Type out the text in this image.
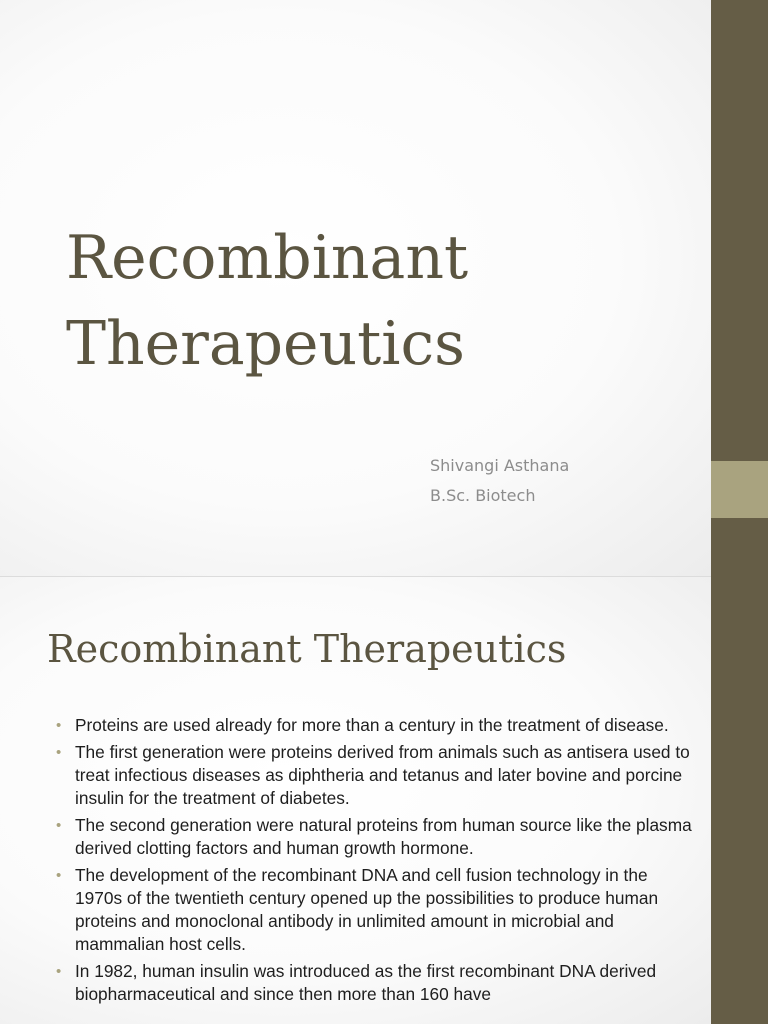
Recombinant
Therapeutics
Shivangi Asthana
B.Sc. Biotech
Recombinant Therapeutics
• Proteins are used already for more than a century in the treatment of disease.
• The first generation were proteins derived from animals such as antisera used to treat infectious diseases as diphtheria and tetanus and later bovine and porcine insulin for the treatment of diabetes.
• The second generation were natural proteins from human source like the plasma derived clotting factors and human growth hormone.
• The development of the recombinant DNA and cell fusion technology in the 1970s of the twentieth century opened up the possibilities to produce human proteins and monoclonal antibody in unlimited amount in microbial and mammalian host cells.
• In 1982, human insulin was introduced as the first recombinant DNA derived biopharmaceutical and since then more than 160 have
